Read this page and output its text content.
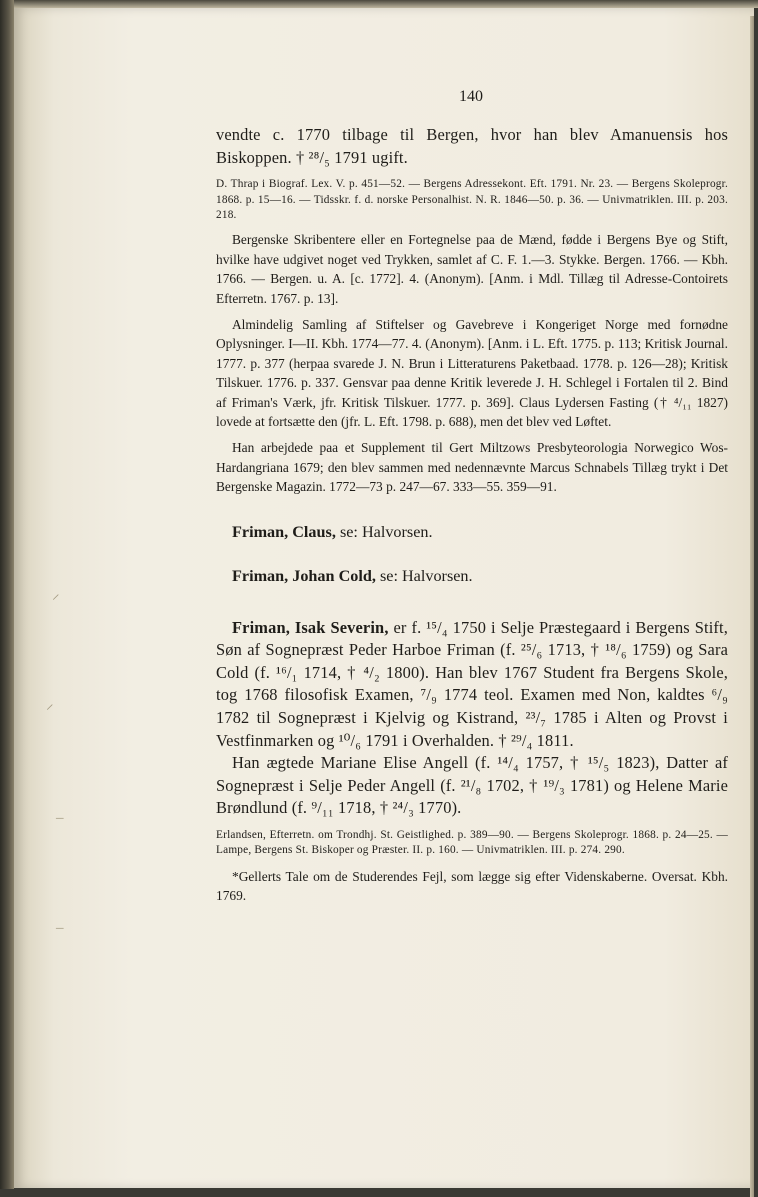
⸍
⸍
–
–
140

vendte c. 1770 tilbage til Bergen, hvor han blev Amanuensis hos Biskoppen. † ²⁸/₅ 1791 ugift.

D. Thrap i Biograf. Lex. V. p. 451—52. — Bergens Adressekont. Eft. 1791. Nr. 23. — Bergens Skoleprogr. 1868. p. 15—16. — Tidsskr. f. d. norske Personalhist. N. R. 1846—50. p. 36. — Univmatriklen. III. p. 203. 218.

Bergenske Skribentere eller en Fortegnelse paa de Mænd, fødde i Bergens Bye og Stift, hvilke have udgivet noget ved Trykken, samlet af C. F. 1.—3. Stykke. Bergen. 1766. — Kbh. 1766. — Bergen. u. A. [c. 1772]. 4. (Anonym). [Anm. i Mdl. Tillæg til Adresse-Contoirets Efterretn. 1767. p. 13].

Almindelig Samling af Stiftelser og Gavebreve i Kongeriget Norge med fornødne Oplysninger. I—II. Kbh. 1774—77. 4. (Anonym). [Anm. i L. Eft. 1775. p. 113; Kritisk Journal. 1777. p. 377 (herpaa svarede J. N. Brun i Litteraturens Paketbaad. 1778. p. 126—28); Kritisk Tilskuer. 1776. p. 337. Gensvar paa denne Kritik leverede J. H. Schlegel i Fortalen til 2. Bind af Friman's Værk, jfr. Kritisk Tilskuer. 1777. p. 369]. Claus Lydersen Fasting († ⁴/₁₁ 1827) lovede at fortsætte den (jfr. L. Eft. 1798. p. 688), men det blev ved Løftet.

Han arbejdede paa et Supplement til Gert Miltzows Presbyteorologia Norwegico Wos-Hardangriana 1679; den blev sammen med nedennævnte Marcus Schnabels Tillæg trykt i Det Bergenske Magazin. 1772—73 p. 247—67. 333—55. 359—91.

Friman, Claus, se: Halvorsen.

Friman, Johan Cold, se: Halvorsen.

Friman, Isak Severin, er f. ¹⁵/₄ 1750 i Selje Præstegaard i Bergens Stift, Søn af Sognepræst Peder Harboe Friman (f. ²⁵/₆ 1713, † ¹⁸/₆ 1759) og Sara Cold (f. ¹⁶/₁ 1714, † ⁴/₂ 1800). Han blev 1767 Student fra Bergens Skole, tog 1768 filosofisk Examen, ⁷/₉ 1774 teol. Examen med Non, kaldtes ⁶/₉ 1782 til Sognepræst i Kjelvig og Kistrand, ²³/₇ 1785 i Alten og Provst i Vestfinmarken og ¹⁰/₆ 1791 i Overhalden. † ²⁹/₄ 1811.

Han ægtede Mariane Elise Angell (f. ¹⁴/₄ 1757, † ¹⁵/₅ 1823), Datter af Sognepræst i Selje Peder Angell (f. ²¹/₈ 1702, † ¹⁹/₃ 1781) og Helene Marie Brøndlund (f. ⁹/₁₁ 1718, † ²⁴/₃ 1770).

Erlandsen, Efterretn. om Trondhj. St. Geistlighed. p. 389—90. — Bergens Skoleprogr. 1868. p. 24—25. — Lampe, Bergens St. Biskoper og Præster. II. p. 160. — Univmatriklen. III. p. 274. 290.

*Gellerts Tale om de Studerendes Fejl, som lægge sig efter Videnskaberne. Oversat. Kbh. 1769.
